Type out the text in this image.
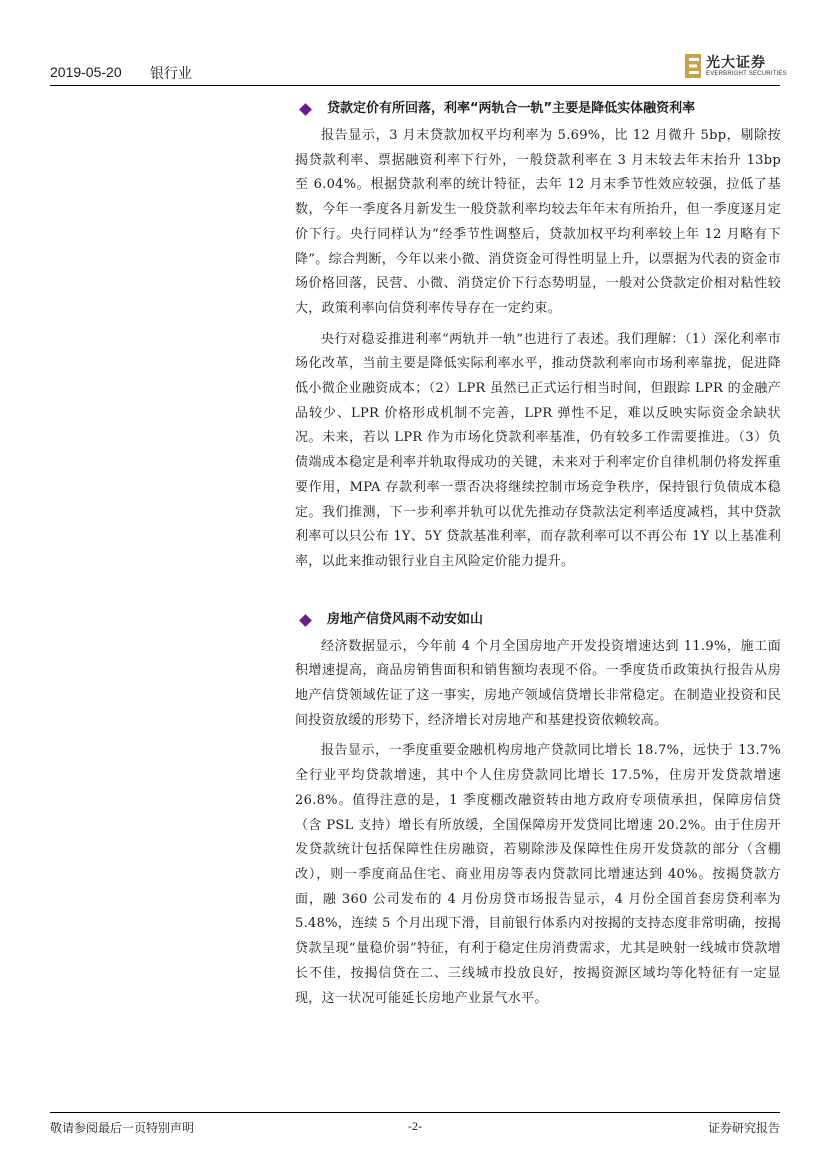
2019-05-20 银行业
光大证券
EVERBRIGHT SECURITIES
贷款定价有所回落，利率“两轨合一轨”主要是降低实体融资利率

报告显示，3 月末贷款加权平均利率为 5.69%，比 12 月微升 5bp，剔除按揭贷款利率、票据融资利率下行外，一般贷款利率在 3 月末较去年末抬升 13bp 至 6.04%。根据贷款利率的统计特征，去年 12 月末季节性效应较强，拉低了基数，今年一季度各月新发生一般贷款利率均较去年年末有所抬升，但一季度逐月定价下行。央行同样认为“经季节性调整后，贷款加权平均利率较上年 12 月略有下降”。综合判断，今年以来小微、消贷资金可得性明显上升，以票据为代表的资金市场价格回落，民营、小微、消贷定价下行态势明显，一般对公贷款定价相对粘性较大，政策利率向信贷利率传导存在一定约束。

央行对稳妥推进利率“两轨并一轨”也进行了表述。我们理解：（1）深化利率市场化改革，当前主要是降低实际利率水平，推动贷款利率向市场利率靠拢，促进降低小微企业融资成本；（2）LPR 虽然已正式运行相当时间，但跟踪 LPR 的金融产品较少、LPR 价格形成机制不完善，LPR 弹性不足，难以反映实际资金余缺状况。未来，若以 LPR 作为市场化贷款利率基准，仍有较多工作需要推进。（3）负债端成本稳定是利率并轨取得成功的关键，未来对于利率定价自律机制仍将发挥重要作用，MPA 存款利率一票否决将继续控制市场竞争秩序，保持银行负债成本稳定。我们推测，下一步利率并轨可以优先推动存贷款法定利率适度减档，其中贷款利率可以只公布 1Y、5Y 贷款基准利率，而存款利率可以不再公布 1Y 以上基准利率，以此来推动银行业自主风险定价能力提升。

房地产信贷风雨不动安如山

经济数据显示，今年前 4 个月全国房地产开发投资增速达到 11.9%，施工面积增速提高，商品房销售面积和销售额均表现不俗。一季度货币政策执行报告从房地产信贷领域佐证了这一事实，房地产领域信贷增长非常稳定。在制造业投资和民间投资放缓的形势下，经济增长对房地产和基建投资依赖较高。

报告显示，一季度重要金融机构房地产贷款同比增长 18.7%，远快于 13.7%全行业平均贷款增速，其中个人住房贷款同比增长 17.5%，住房开发贷款增速 26.8%。值得注意的是，1 季度棚改融资转由地方政府专项债承担，保障房信贷（含 PSL 支持）增长有所放缓，全国保障房开发贷同比增速 20.2%。由于住房开发贷款统计包括保障性住房融资，若剔除涉及保障性住房开发贷款的部分（含棚改），则一季度商品住宅、商业用房等表内贷款同比增速达到 40%。按揭贷款方面，融 360 公司发布的 4 月份房贷市场报告显示，4 月份全国首套房贷利率为 5.48%，连续 5 个月出现下滑，目前银行体系内对按揭的支持态度非常明确，按揭贷款呈现“量稳价弱”特征，有利于稳定住房消费需求，尤其是映射一线城市贷款增长不佳，按揭信贷在二、三线城市投放良好，按揭资源区域均等化特征有一定显现，这一状况可能延长房地产业景气水平。

敬请参阅最后一页特别声明	-2-	证券研究报告
